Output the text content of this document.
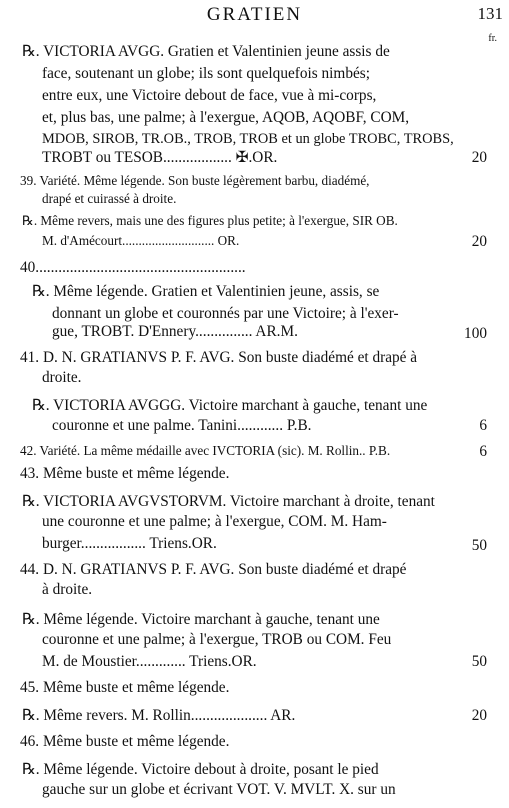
GRATIEN	131
fr.
℞. VICTORIA AVGG. Gratien et Valentinien jeune assis de
face, soutenant un globe; ils sont quelquefois nimbés;
entre eux, une Victoire debout de face, vue à mi-corps,
et, plus bas, une palme; à l'exergue, AQOB, AQOBF, COM,
MDOB, SIROB, TR.OB., TROB, TROB et un globe TROBC, TROBS,
TROBT ou TESOB.................. ✠.OR.	20
39. Variété. Même légende. Son buste légèrement barbu, diadémé,
drapé et cuirassé à droite.
℞. Même revers, mais une des figures plus petite; à l'exergue, SIR OB.
M. d'Amécourt............................ OR.	20
40.......................................................
℞. Même légende. Gratien et Valentinien jeune, assis, se
donnant un globe et couronnés par une Victoire; à l'exer-
gue, TROBT. D'Ennery............... AR.M.	100
41. D. N. GRATIANVS P. F. AVG. Son buste diadémé et drapé à
droite.
℞. VICTORIA AVGGG. Victoire marchant à gauche, tenant une
couronne et une palme. Tanini............ P.B.	6
42. Variété. La même médaille avec IVCTORIA (sic). M. Rollin.. P.B.	6
43. Même buste et même légende.
℞. VICTORIA AVGVSTORVM. Victoire marchant à droite, tenant
une couronne et une palme; à l'exergue, COM. M. Ham-
burger................. Triens.OR.	50
44. D. N. GRATIANVS P. F. AVG. Son buste diadémé et drapé
à droite.
℞. Même légende. Victoire marchant à gauche, tenant une
couronne et une palme; à l'exergue, TROB ou COM. Feu
M. de Moustier............. Triens.OR.	50
45. Même buste et même légende.
℞. Même revers. M. Rollin.................... AR.	20
46. Même buste et même légende.
℞. Même légende. Victoire debout à droite, posant le pied
gauche sur un globe et écrivant VOT. V. MVLT. X. sur un
